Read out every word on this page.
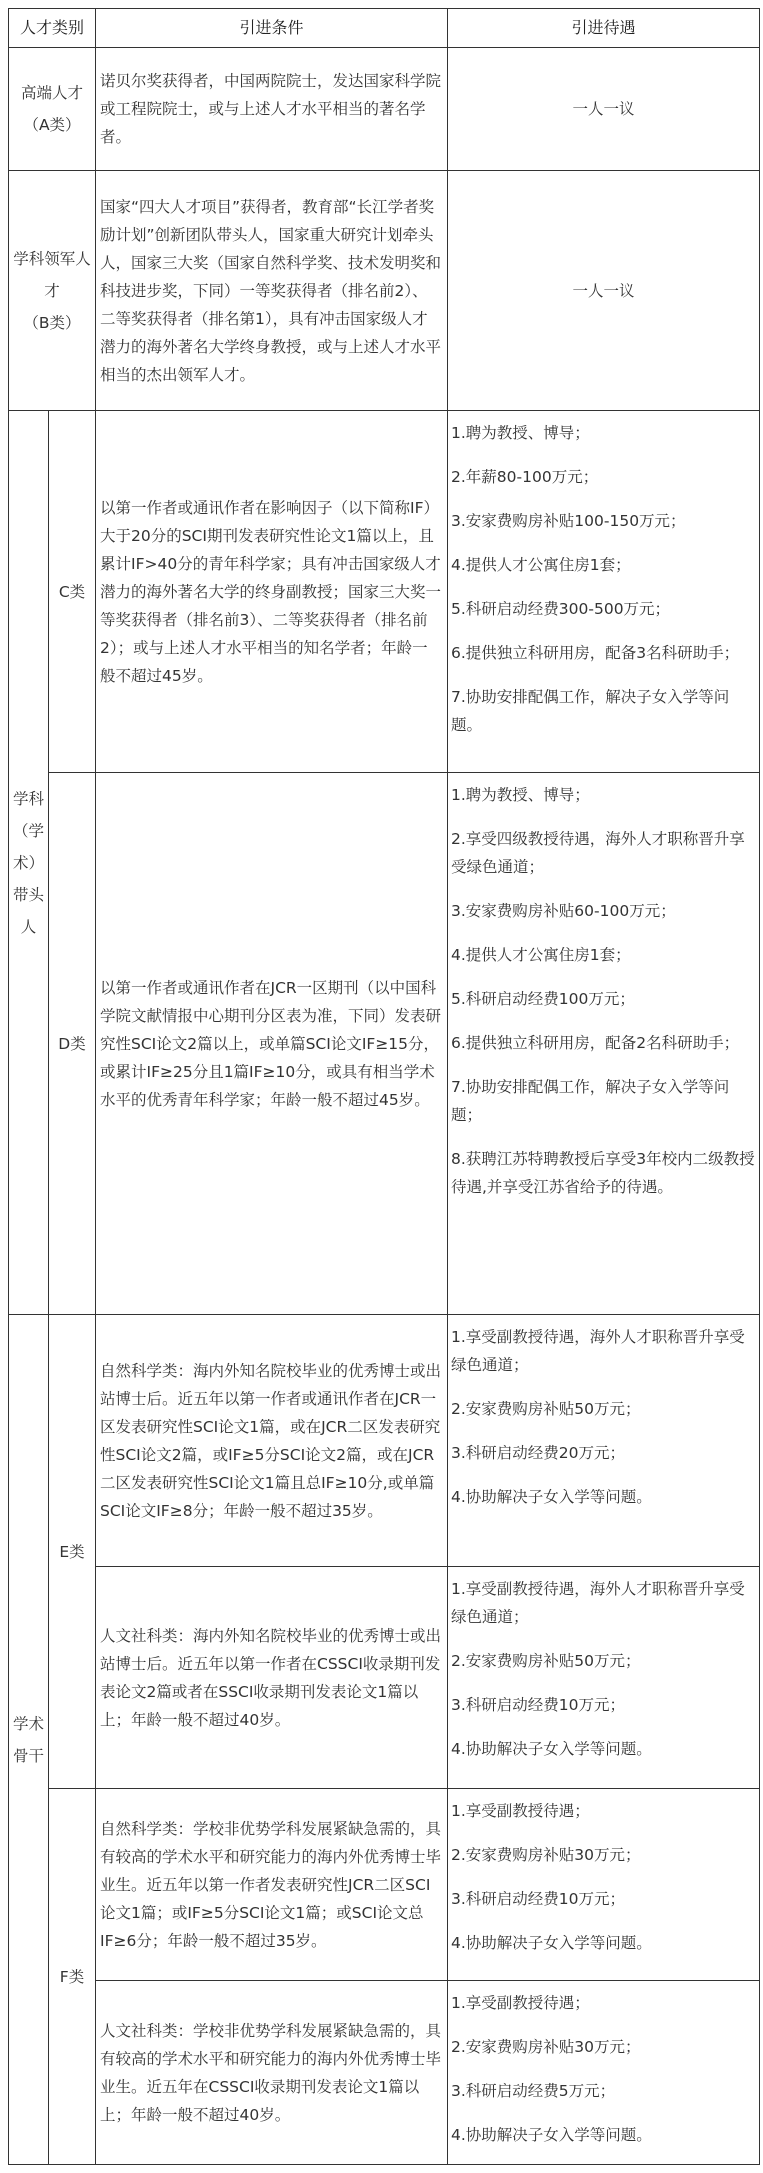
人才类别	引进条件	引进待遇
高端人才
（A类）
诺贝尔奖获得者，中国两院院士，发达国家科学院或工程院院士，或与上述人才水平相当的著名学者。
一人一议
学科领军人才
（B类）
国家“四大人才项目”获得者，教育部“长江学者奖励计划”创新团队带头人，国家重大研究计划牵头人，国家三大奖（国家自然科学奖、技术发明奖和科技进步奖，下同）一等奖获得者（排名前2）、二等奖获得者（排名第1），具有冲击国家级人才潜力的海外著名大学终身教授，或与上述人才水平相当的杰出领军人才。
一人一议
学科
（学
术）
带头
人
C类
以第一作者或通讯作者在影响因子（以下简称IF）大于20分的SCI期刊发表研究性论文1篇以上，且累计IF>40分的青年科学家；具有冲击国家级人才潜力的海外著名大学的终身副教授；国家三大奖一等奖获得者（排名前3）、二等奖获得者（排名前2）；或与上述人才水平相当的知名学者；年龄一般不超过45岁。

1.聘为教授、博导；

2.年薪80-100万元；

3.安家费购房补贴100-150万元；

4.提供人才公寓住房1套；

5.科研启动经费300-500万元；

6.提供独立科研用房，配备3名科研助手；

7.协助安排配偶工作，解决子女入学等问题。

D类
以第一作者或通讯作者在JCR一区期刊（以中国科学院文献情报中心期刊分区表为准，下同）发表研究性SCI论文2篇以上，或单篇SCI论文IF≥15分，或累计IF≥25分且1篇IF≥10分，或具有相当学术水平的优秀青年科学家；年龄一般不超过45岁。

1.聘为教授、博导；

2.享受四级教授待遇，海外人才职称晋升享受绿色通道；

3.安家费购房补贴60-100万元；

4.提供人才公寓住房1套；

5.科研启动经费100万元；

6.提供独立科研用房，配备2名科研助手；

7.协助安排配偶工作，解决子女入学等问题；

8.获聘江苏特聘教授后享受3年校内二级教授待遇,并享受江苏省给予的待遇。

学术
骨干
E类
自然科学类：海内外知名院校毕业的优秀博士或出站博士后。近五年以第一作者或通讯作者在JCR一区发表研究性SCI论文1篇，或在JCR二区发表研究性SCI论文2篇，或IF≥5分SCI论文2篇，或在JCR二区发表研究性SCI论文1篇且总IF≥10分,或单篇SCI论文IF≥8分；年龄一般不超过35岁。

1.享受副教授待遇，海外人才职称晋升享受绿色通道；

2.安家费购房补贴50万元；

3.科研启动经费20万元；

4.协助解决子女入学等问题。

人文社科类：海内外知名院校毕业的优秀博士或出站博士后。近五年以第一作者在CSSCI收录期刊发表论文2篇或者在SSCI收录期刊发表论文1篇以上；年龄一般不超过40岁。

1.享受副教授待遇，海外人才职称晋升享受绿色通道；

2.安家费购房补贴50万元；

3.科研启动经费10万元；

4.协助解决子女入学等问题。

F类
自然科学类：学校非优势学科发展紧缺急需的，具有较高的学术水平和研究能力的海内外优秀博士毕业生。近五年以第一作者发表研究性JCR二区SCI论文1篇；或IF≥5分SCI论文1篇；或SCI论文总IF≥6分；年龄一般不超过35岁。

1.享受副教授待遇；

2.安家费购房补贴30万元；

3.科研启动经费10万元；

4.协助解决子女入学等问题。

人文社科类：学校非优势学科发展紧缺急需的，具有较高的学术水平和研究能力的海内外优秀博士毕业生。近五年在CSSCI收录期刊发表论文1篇以上；年龄一般不超过40岁。

1.享受副教授待遇；

2.安家费购房补贴30万元；

3.科研启动经费5万元；

4.协助解决子女入学等问题。
